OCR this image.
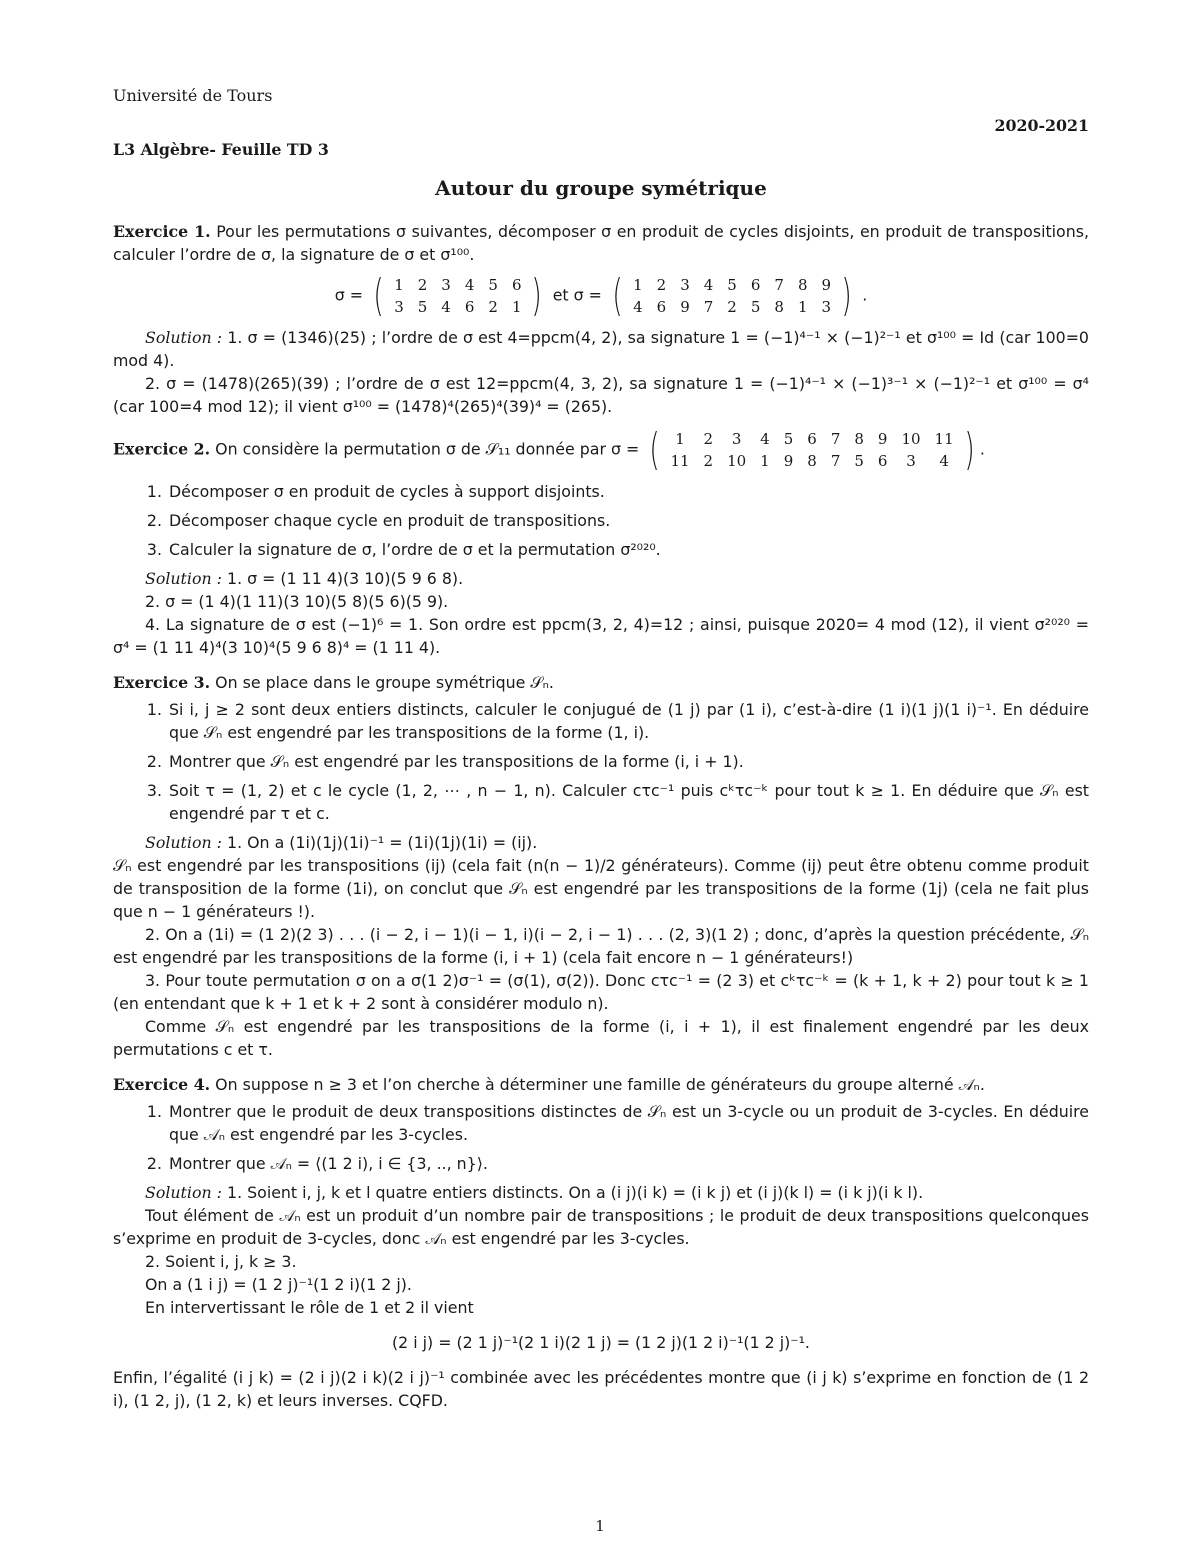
Université de Tours
L3 Algèbre- Feuille TD 3
2020-2021
Autour du groupe symétrique

Exercice 1. Pour les permutations σ suivantes, décomposer σ en produit de cycles disjoints, en produit de transpositions, calculer l’ordre de σ, la signature de σ et σ¹⁰⁰.

σ = ( 1	2	3	4	5	6
3	5	4	6	2	1 ) et σ = ( 1	2	3	4	5	6	7	8	9
4	6	9	7	2	5	8	1	3 ) .

Solution : 1. σ = (1346)(25) ; l’ordre de σ est 4=ppcm(4, 2), sa signature 1 = (−1)⁴⁻¹ × (−1)²⁻¹ et σ¹⁰⁰ = Id (car 100=0 mod 4).

2. σ = (1478)(265)(39) ; l’ordre de σ est 12=ppcm(4, 3, 2), sa signature 1 = (−1)⁴⁻¹ × (−1)³⁻¹ × (−1)²⁻¹ et σ¹⁰⁰ = σ⁴ (car 100=4 mod 12); il vient σ¹⁰⁰ = (1478)⁴(265)⁴(39)⁴ = (265).

Exercice 2. On considère la permutation σ de 𝒮₁₁ donnée par σ = ( 1	2	3	4	5	6	7	8	9	10	11
11	2	10	1	9	8	7	5	6	3	4 ) .
1. Décomposer σ en produit de cycles à support disjoints.
2. Décomposer chaque cycle en produit de transpositions.
3. Calculer la signature de σ, l’ordre de σ et la permutation σ²⁰²⁰.

Solution : 1. σ = (1 11 4)(3 10)(5 9 6 8).

2. σ = (1 4)(1 11)(3 10)(5 8)(5 6)(5 9).

4. La signature de σ est (−1)⁶ = 1. Son ordre est ppcm(3, 2, 4)=12 ; ainsi, puisque 2020= 4 mod (12), il vient σ²⁰²⁰ = σ⁴ = (1 11 4)⁴(3 10)⁴(5 9 6 8)⁴ = (1 11 4).

Exercice 3. On se place dans le groupe symétrique 𝒮ₙ.

1. Si i, j ≥ 2 sont deux entiers distincts, calculer le conjugué de (1 j) par (1 i), c’est-à-dire (1 i)(1 j)(1 i)⁻¹. En déduire que 𝒮ₙ est engendré par les transpositions de la forme (1, i).
2. Montrer que 𝒮ₙ est engendré par les transpositions de la forme (i, i + 1).
3. Soit τ = (1, 2) et c le cycle (1, 2, ⋯ , n − 1, n). Calculer cτc⁻¹ puis cᵏτc⁻ᵏ pour tout k ≥ 1. En déduire que 𝒮ₙ est engendré par τ et c.

Solution : 1. On a (1i)(1j)(1i)⁻¹ = (1i)(1j)(1i) = (ij).

𝒮ₙ est engendré par les transpositions (ij) (cela fait (n(n − 1)/2 générateurs). Comme (ij) peut être obtenu comme produit de transposition de la forme (1i), on conclut que 𝒮ₙ est engendré par les transpositions de la forme (1j) (cela ne fait plus que n − 1 générateurs !).

2. On a (1i) = (1 2)(2 3) . . . (i − 2, i − 1)(i − 1, i)(i − 2, i − 1) . . . (2, 3)(1 2) ; donc, d’après la question précédente, 𝒮ₙ est engendré par les transpositions de la forme (i, i + 1) (cela fait encore n − 1 générateurs!)

3. Pour toute permutation σ on a σ(1 2)σ⁻¹ = (σ(1), σ(2)). Donc cτc⁻¹ = (2 3) et cᵏτc⁻ᵏ = (k + 1, k + 2) pour tout k ≥ 1 (en entendant que k + 1 et k + 2 sont à considérer modulo n).

Comme 𝒮ₙ est engendré par les transpositions de la forme (i, i + 1), il est finalement engendré par les deux permutations c et τ.

Exercice 4. On suppose n ≥ 3 et l’on cherche à déterminer une famille de générateurs du groupe alterné 𝒜ₙ.

1. Montrer que le produit de deux transpositions distinctes de 𝒮ₙ est un 3-cycle ou un produit de 3-cycles. En déduire que 𝒜ₙ est engendré par les 3-cycles.
2. Montrer que 𝒜ₙ = ⟨(1 2 i), i ∈ {3, .., n}⟩.

Solution : 1. Soient i, j, k et l quatre entiers distincts. On a (i j)(i k) = (i k j) et (i j)(k l) = (i k j)(i k l).

Tout élément de 𝒜ₙ est un produit d’un nombre pair de transpositions ; le produit de deux transpositions quelconques s’exprime en produit de 3-cycles, donc 𝒜ₙ est engendré par les 3-cycles.

2. Soient i, j, k ≥ 3.

On a (1 i j) = (1 2 j)⁻¹(1 2 i)(1 2 j).

En intervertissant le rôle de 1 et 2 il vient

(2 i j) = (2 1 j)⁻¹(2 1 i)(2 1 j) = (1 2 j)(1 2 i)⁻¹(1 2 j)⁻¹.

Enfin, l’égalité (i j k) = (2 i j)(2 i k)(2 i j)⁻¹ combinée avec les précédentes montre que (i j k) s’exprime en fonction de (1 2 i), (1 2, j), (1 2, k) et leurs inverses. CQFD.

1
